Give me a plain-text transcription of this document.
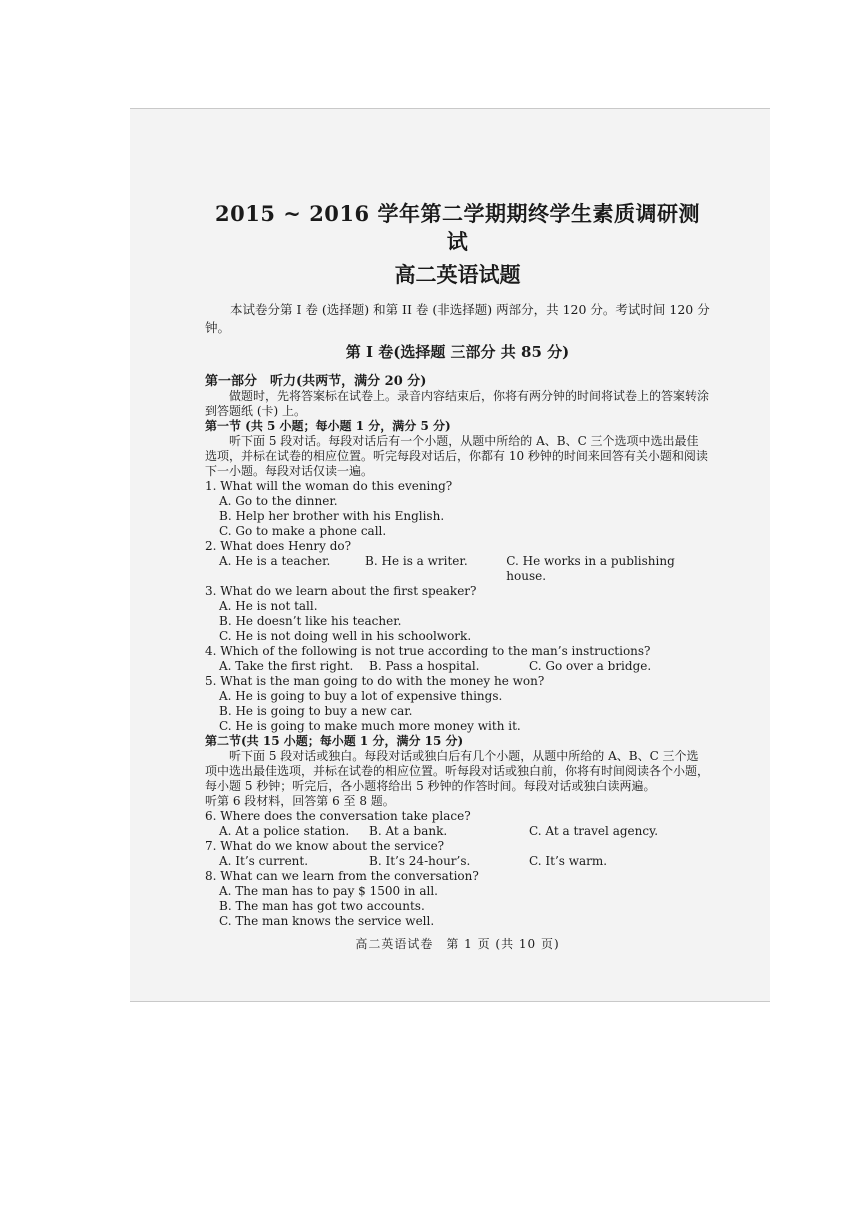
2015 ~ 2016 学年第二学期期终学生素质调研测试
高二英语试题

本试卷分第 I 卷 (选择题) 和第 II 卷 (非选择题) 两部分，共 120 分。考试时间 120 分钟。

第 I 卷(选择题 三部分 共 85 分)
第一部分　听力(共两节，满分 20 分)

做题时，先将答案标在试卷上。录音内容结束后，你将有两分钟的时间将试卷上的答案转涂到答题纸 (卡) 上。

第一节 (共 5 小题；每小题 1 分，满分 5 分)

听下面 5 段对话。每段对话后有一个小题，从题中所给的 A、B、C 三个选项中选出最佳选项，并标在试卷的相应位置。听完每段对话后，你都有 10 秒钟的时间来回答有关小题和阅读下一小题。每段对话仅读一遍。

1. What will the woman do this evening?

A. Go to the dinner.

B. Help her brother with his English.

C. Go to make a phone call.

2. What does Henry do?

A. He is a teacher.	B. He is a writer.	C. He works in a publishing house.

3. What do we learn about the first speaker?

A. He is not tall.

B. He doesn’t like his teacher.

C. He is not doing well in his schoolwork.

4. Which of the following is not true according to the man’s instructions?

A. Take the first right.	B. Pass a hospital.	C. Go over a bridge.

5. What is the man going to do with the money he won?

A. He is going to buy a lot of expensive things.

B. He is going to buy a new car.

C. He is going to make much more money with it.

第二节(共 15 小题；每小题 1 分，满分 15 分)

听下面 5 段对话或独白。每段对话或独白后有几个小题，从题中所给的 A、B、C 三个选项中选出最佳选项，并标在试卷的相应位置。听每段对话或独白前，你将有时间阅读各个小题，每小题 5 秒钟；听完后，各小题将给出 5 秒钟的作答时间。每段对话或独白读两遍。

听第 6 段材料，回答第 6 至 8 题。

6. Where does the conversation take place?

A. At a police station.	B. At a bank.	C. At a travel agency.

7. What do we know about the service?

A. It’s current.	B. It’s 24-hour’s.	C. It’s warm.

8. What can we learn from the conversation?

A. The man has to pay $ 1500 in all.

B. The man has got two accounts.

C. The man knows the service well.

高二英语试卷　第 1 页 (共 10 页)
